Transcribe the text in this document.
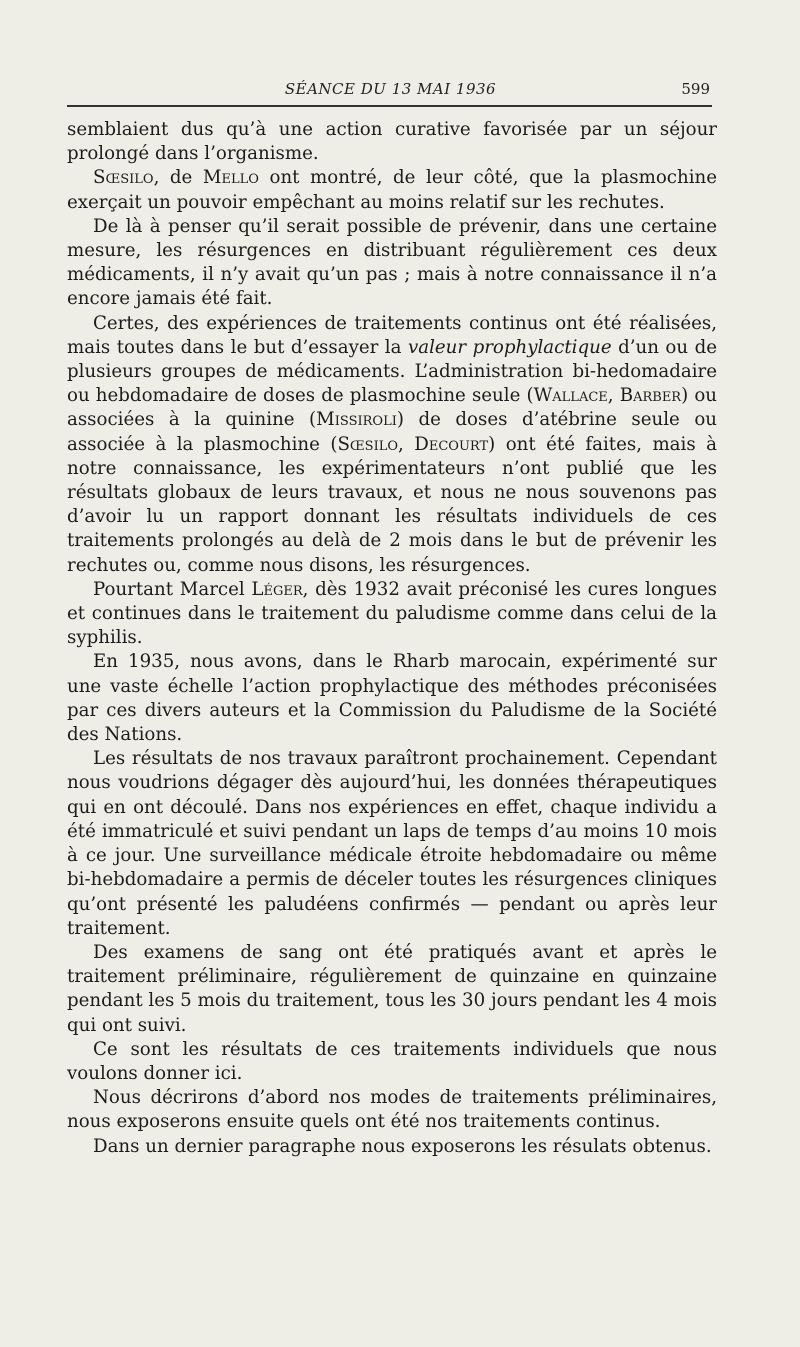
SÉANCE DU 13 MAI 1936	599

semblaient dus qu’à une action curative favorisée par un séjour prolongé dans l’organisme.

Sœsilo, de Mello ont montré, de leur côté, que la plasmochine exerçait un pouvoir empêchant au moins relatif sur les rechutes.

De là à penser qu’il serait possible de prévenir, dans une certaine mesure, les résurgences en distribuant régulièrement ces deux médicaments, il n’y avait qu’un pas ; mais à notre connaissance il n’a encore jamais été fait.

Certes, des expériences de traitements continus ont été réalisées, mais toutes dans le but d’essayer la valeur prophylactique d’un ou de plusieurs groupes de médicaments. L’administration bi-hedomadaire ou hebdomadaire de doses de plasmochine seule (Wallace, Barber) ou associées à la quinine (Missiroli) de doses d’atébrine seule ou associée à la plasmochine (Sœsilo, Decourt) ont été faites, mais à notre connaissance, les expérimentateurs n’ont publié que les résultats globaux de leurs travaux, et nous ne nous souvenons pas d’avoir lu un rapport donnant les résultats individuels de ces traitements prolongés au delà de 2 mois dans le but de prévenir les rechutes ou, comme nous disons, les résurgences.

Pourtant Marcel Léger, dès 1932 avait préconisé les cures longues et continues dans le traitement du paludisme comme dans celui de la syphilis.

En 1935, nous avons, dans le Rharb marocain, expérimenté sur une vaste échelle l’action prophylactique des méthodes préconisées par ces divers auteurs et la Commission du Paludisme de la Société des Nations.

Les résultats de nos travaux paraîtront prochainement. Cependant nous voudrions dégager dès aujourd’hui, les données thérapeutiques qui en ont découlé. Dans nos expériences en effet, chaque individu a été immatriculé et suivi pendant un laps de temps d’au moins 10 mois à ce jour. Une surveillance médicale étroite hebdomadaire ou même bi-hebdomadaire a permis de déceler toutes les résurgences cliniques qu’ont présenté les paludéens confirmés — pendant ou après leur traitement.

Des examens de sang ont été pratiqués avant et après le traitement préliminaire, régulièrement de quinzaine en quinzaine pendant les 5 mois du traitement, tous les 30 jours pendant les 4 mois qui ont suivi.

Ce sont les résultats de ces traitements individuels que nous voulons donner ici.

Nous décrirons d’abord nos modes de traitements préliminaires, nous exposerons ensuite quels ont été nos traitements continus.

Dans un dernier paragraphe nous exposerons les résulats obtenus.
